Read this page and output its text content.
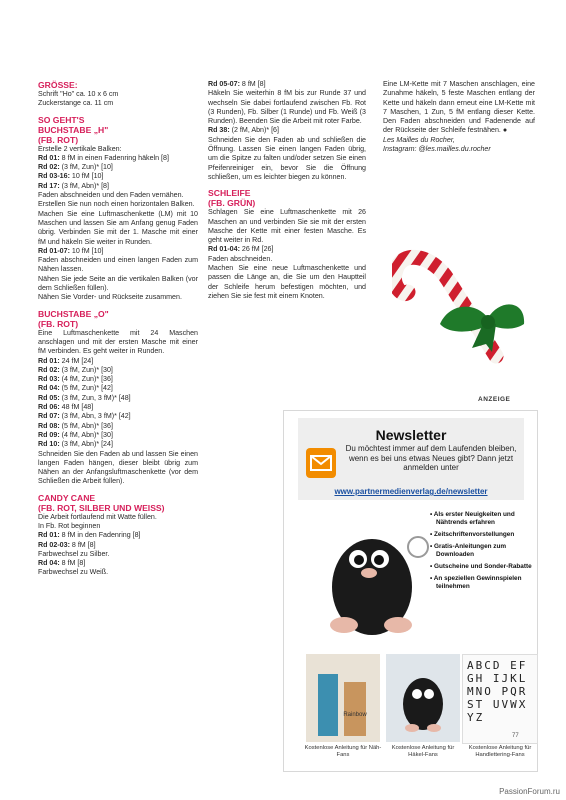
GRÖSSE:
Schrift "Ho" ca. 10 x 6 cm
Zuckerstange ca. 11 cm
SO GEHT'S
BUCHSTABE „H"
(FB. ROT)
Erstelle 2 vertikale Balken:
Rd 01: 8 fM in einen Fadenring häkeln [8]
Rd 02: (3 fM, Zun)* [10]
Rd 03-16: 10 fM [10]
Rd 17: (3 fM, Abn)* [8]
Faden abschneiden und den Faden vernähen.
Erstellen Sie nun noch einen horizontalen Balken.
Machen Sie eine Luftmaschenkette (LM) mit 10 Maschen und lassen Sie am Anfang genug Faden übrig. Verbinden Sie mit der 1. Masche mit einer fM und häkeln Sie weiter in Runden.
Rd 01-07: 10 fM [10]
Faden abschneiden und einen langen Faden zum Nähen lassen.
Nähen Sie jede Seite an die vertikalen Balken (vor dem Schließen füllen).
Nähen Sie Vorder- und Rückseite zusammen.
BUCHSTABE „O"
(FB. ROT)
Eine Luftmaschenkette mit 24 Maschen anschlagen und mit der ersten Masche mit einer fM verbinden. Es geht weiter in Runden.
Rd 01: 24 fM [24]
Rd 02: (3 fM, Zun)* [30]
Rd 03: (4 fM, Zun)* [36]
Rd 04: (5 fM, Zun)* [42]
Rd 05: (3 fM, Zun, 3 fM)* [48]
Rd 06: 48 fM [48]
Rd 07: (3 fM, Abn, 3 fM)* [42]
Rd 08: (5 fM, Abn)* [36]
Rd 09: (4 fM, Abn)* [30]
Rd 10: (3 fM, Abn)* [24]
Schneiden Sie den Faden ab und lassen Sie einen langen Faden hängen, dieser bleibt übrig zum Nähen an der Anfangsluftmaschenkette (vor dem Schließen die Arbeit füllen).
CANDY CANE
(FB. ROT, SILBER UND WEISS)
Die Arbeit fortlaufend mit Watte füllen.
In Fb. Rot beginnen
Rd 01: 8 fM in den Fadenring [8]
Rd 02-03: 8 fM [8]
Farbwechsel zu Silber.
Rd 04: 8 fM [8]
Farbwechsel zu Weiß.
Rd 05-07: 8 fM [8]
Häkeln Sie weiterhin 8 fM bis zur Runde 37 und wechseln Sie dabei fortlaufend zwischen Fb. Rot (3 Runden), Fb. Silber (1 Runde) und Fb. Weiß (3 Runden). Beenden Sie die Arbeit mit roter Farbe.
Rd 38: (2 fM, Abn)* [6]
Schneiden Sie den Faden ab und schließen die Öffnung. Lassen Sie einen langen Faden übrig, um die Spitze zu falten und/oder setzen Sie einen Pfeifenreiniger ein, bevor Sie die Öffnung schließen, um es leichter biegen zu können.
SCHLEIFE
(FB. GRÜN)
Schlagen Sie eine Luftmaschenkette mit 26 Maschen an und verbinden Sie sie mit der ersten Masche der Kette mit einer festen Masche. Es geht weiter in Rd.
Rd 01-04: 26 fM [26]
Faden abschneiden.
Machen Sie eine neue Luftmaschenkette und passen die Länge an, die Sie um den Hauptteil der Schleife herum befestigen möchten, und ziehen Sie sie fest mit einem Knoten.
Eine LM-Kette mit 7 Maschen anschlagen, eine Zunahme häkeln, 5 feste Maschen entlang der Kette und häkeln dann erneut eine LM-Kette mit 7 Maschen, 1 Zun, 5 fM entlang dieser Kette. Den Faden abschneiden und Fadenende auf der Rückseite der Schleife festnähen. ●
Les Mailles du Rocher,
Instagram: @les.mailles.du.rocher
ANZEIGE
Newsletter
Du möchtest immer auf dem Laufenden bleiben, wenn es bei uns etwas Neues gibt? Dann jetzt anmelden unter
www.partnermedienverlag.de/newsletter
• Als erster Neuigkeiten und Nähtrends erfahren
• Zeitschriftenvorstellungen
• Gratis-Anleitungen zum Downloaden
• Gutscheine und Sonder-Rabatte
• An speziellen Gewinnspielen teilnehmen
Rainbow
ABCD EFGH IJKL MNO PQRST UVWXYZ
Kostenlose Anleitung für Näh-Fans
Kostenlose Anleitung für Häkel-Fans
Kostenlose Anleitung für Handlettering-Fans
77
PassionForum.ru
